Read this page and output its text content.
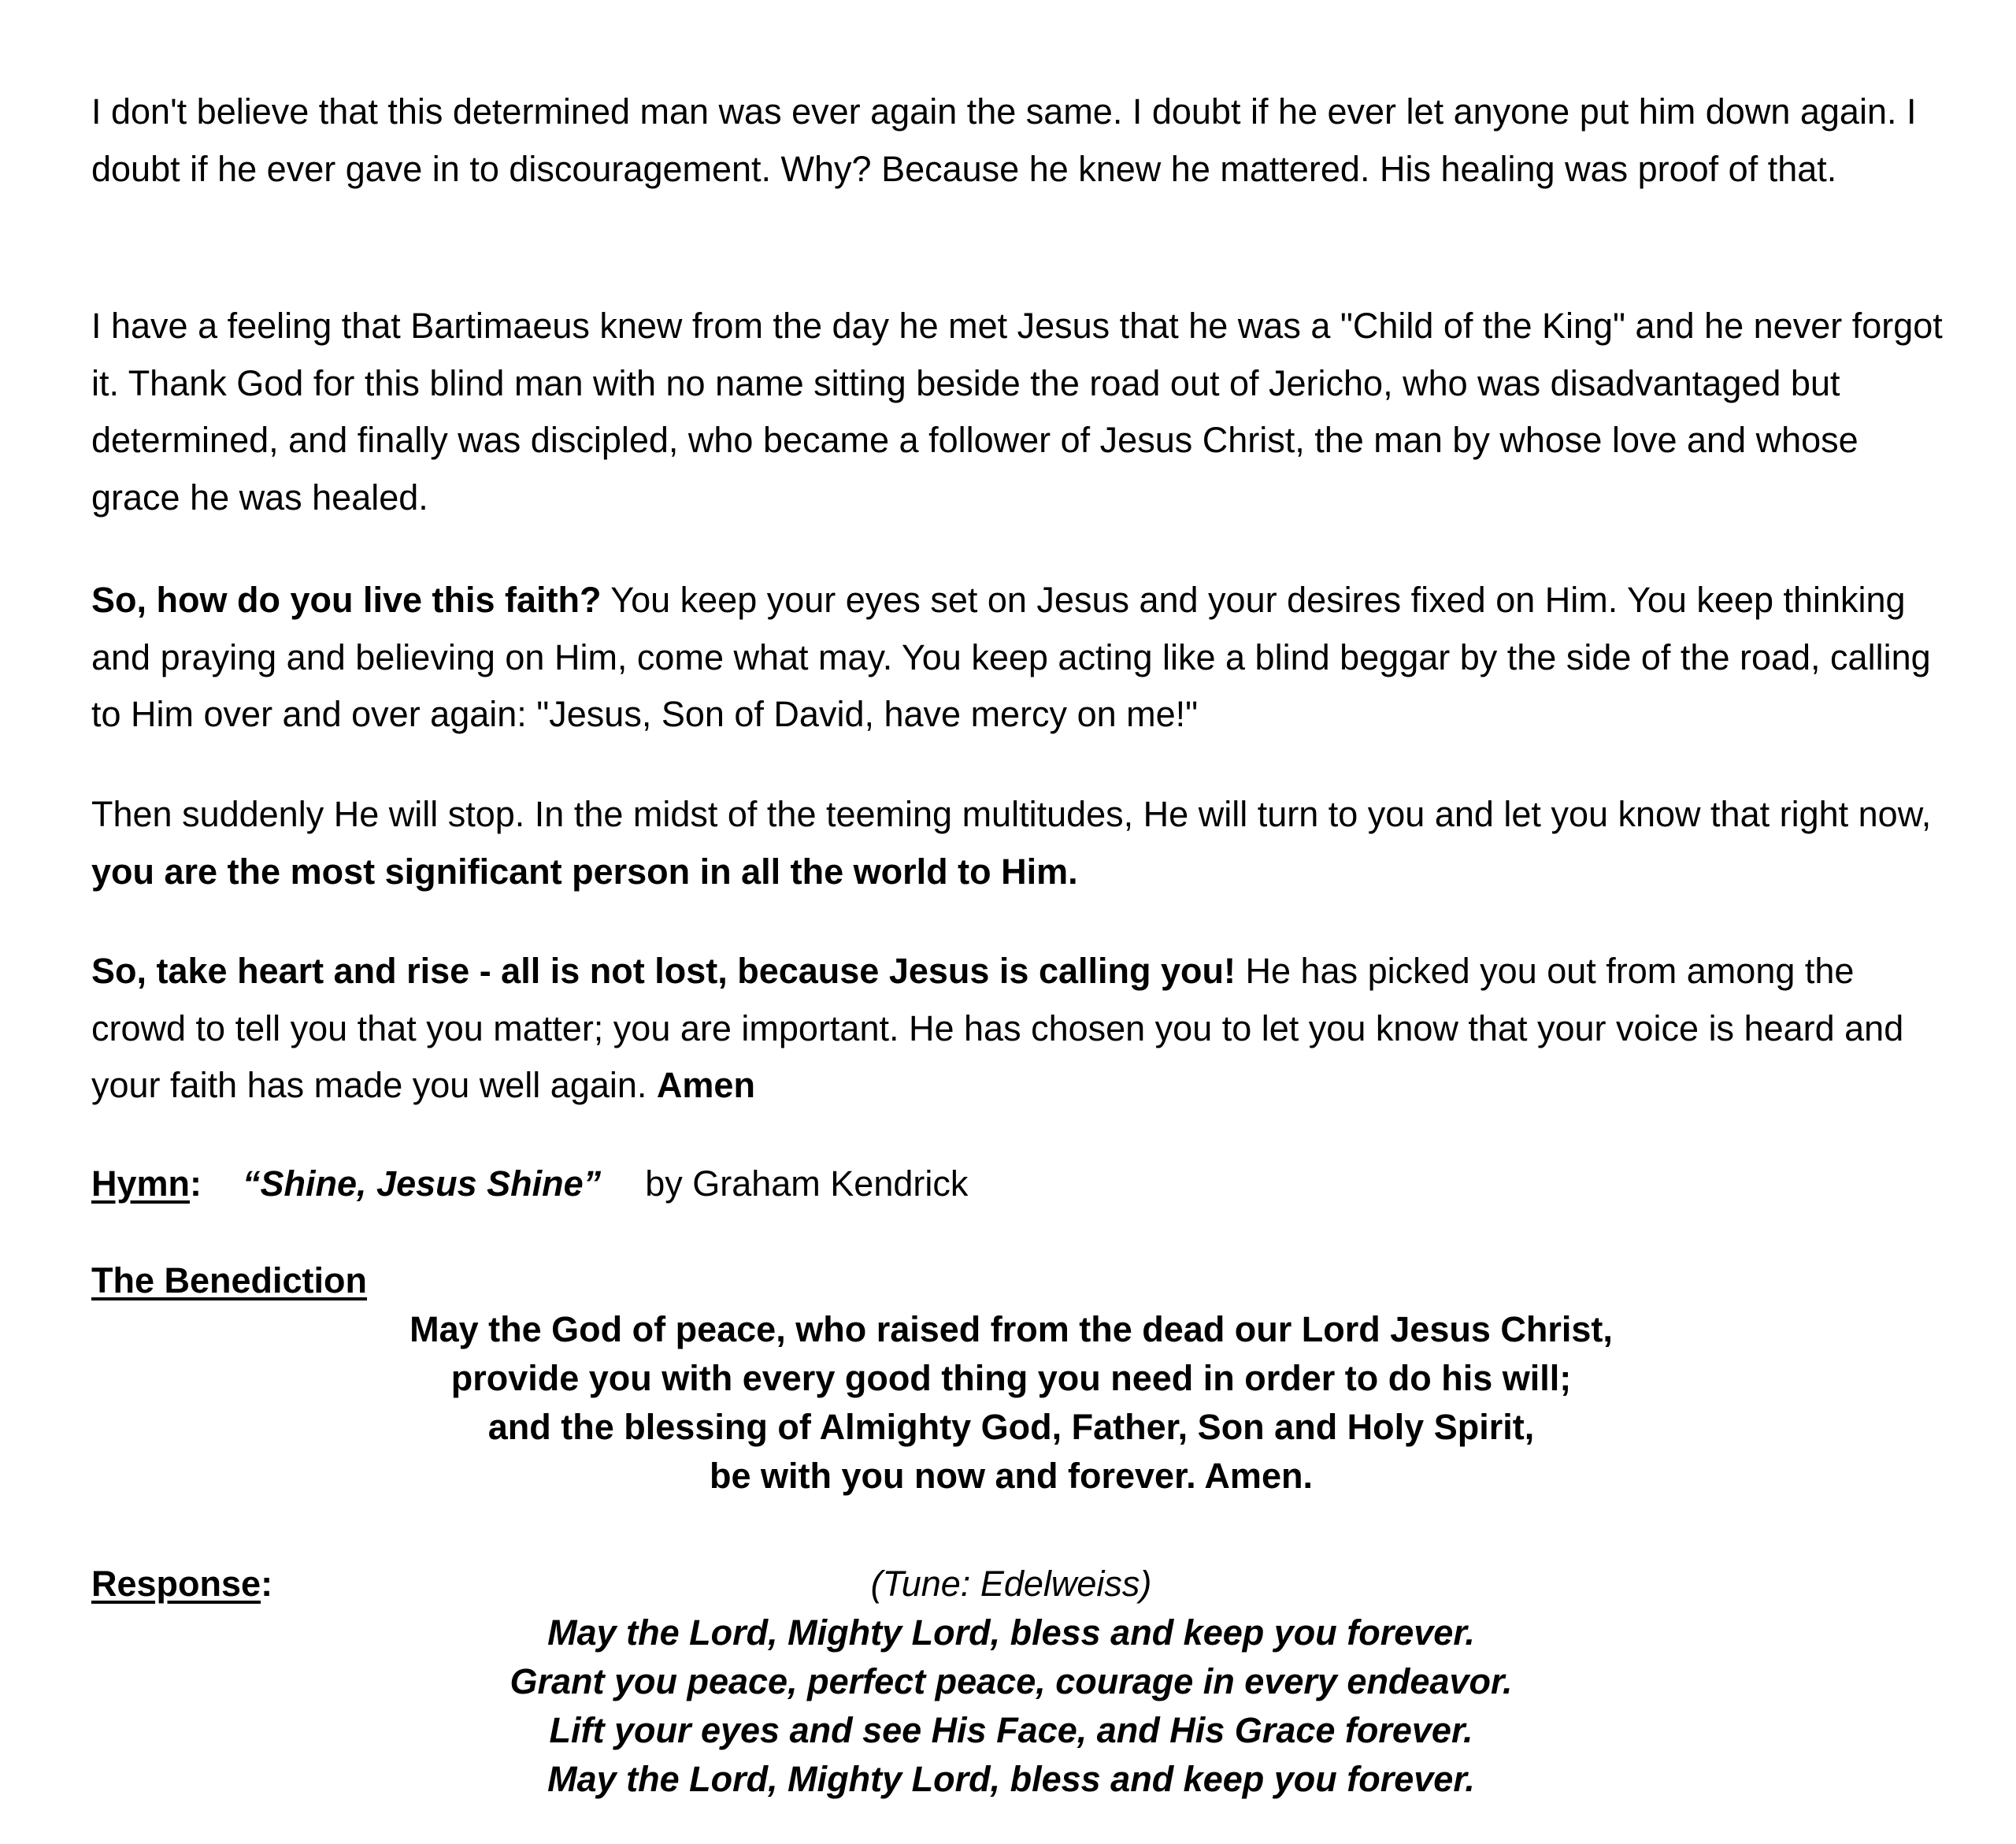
I don't believe that this determined man was ever again the same. I doubt if he ever let anyone put him down again. I doubt if he ever gave in to discouragement. Why? Because he knew he mattered. His healing was proof of that.

I have a feeling that Bartimaeus knew from the day he met Jesus that he was a "Child of the King" and he never forgot it. Thank God for this blind man with no name sitting beside the road out of Jericho, who was disadvantaged but determined, and finally was discipled, who became a follower of Jesus Christ, the man by whose love and whose grace he was healed.

So, how do you live this faith? You keep your eyes set on Jesus and your desires fixed on Him. You keep thinking and praying and believing on Him, come what may. You keep acting like a blind beggar by the side of the road, calling to Him over and over again: "Jesus, Son of David, have mercy on me!"

Then suddenly He will stop. In the midst of the teeming multitudes, He will turn to you and let you know that right now, you are the most significant person in all the world to Him.

So, take heart and rise - all is not lost, because Jesus is calling you! He has picked you out from among the crowd to tell you that you matter; you are important. He has chosen you to let you know that your voice is heard and your faith has made you well again. Amen

Hymn: “Shine, Jesus Shine” by Graham Kendrick
The Benediction
May the God of peace, who raised from the dead our Lord Jesus Christ,
provide you with every good thing you need in order to do his will;
and the blessing of Almighty God, Father, Son and Holy Spirit,
be with you now and forever. Amen.
Response:	(Tune: Edelweiss)
May the Lord, Mighty Lord, bless and keep you forever.
Grant you peace, perfect peace, courage in every endeavor.
Lift your eyes and see His Face, and His Grace forever.
May the Lord, Mighty Lord, bless and keep you forever.
